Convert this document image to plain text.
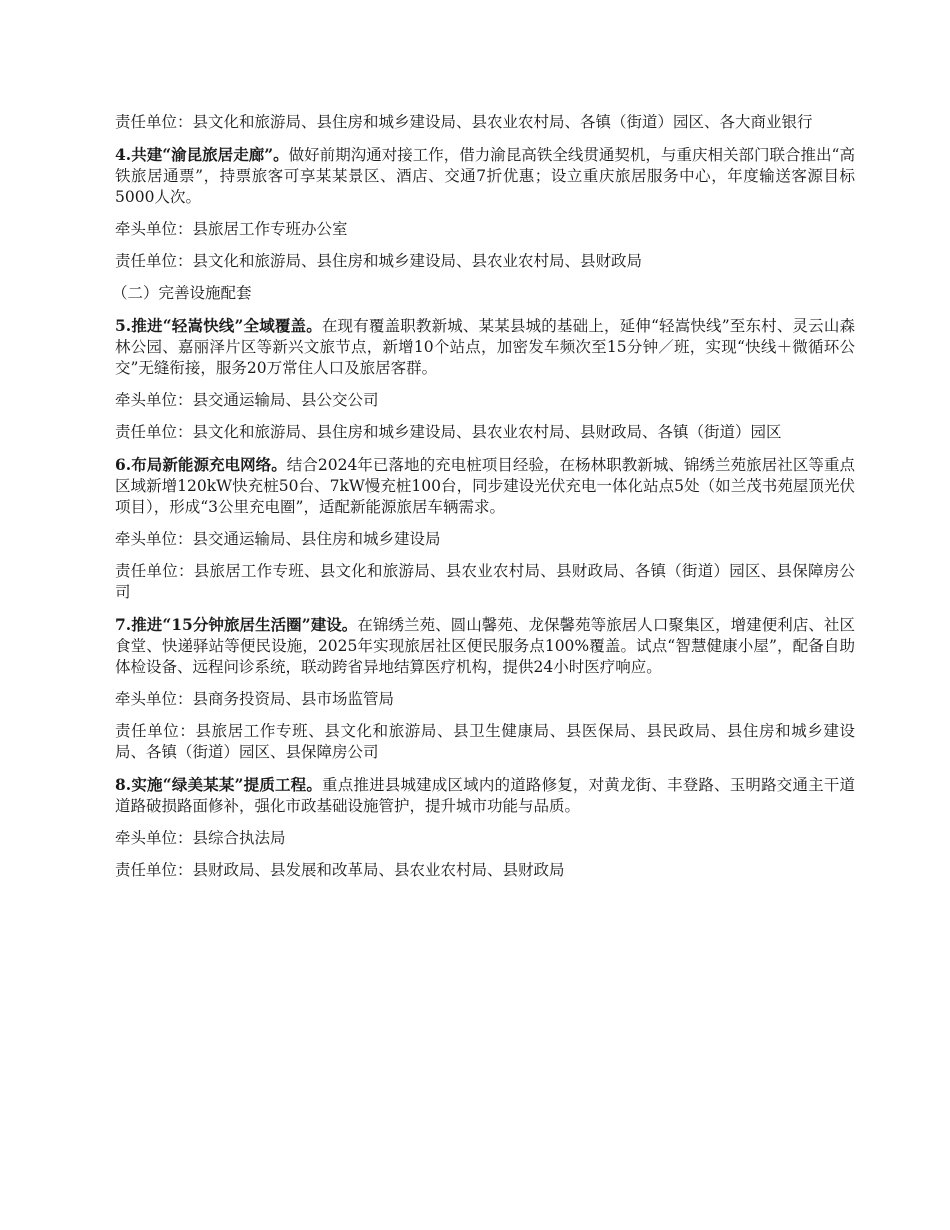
责任单位：县文化和旅游局、县住房和城乡建设局、县农业农村局、各镇（街道）园区、各大商业银行

4.共建“渝昆旅居走廊”。做好前期沟通对接工作，借力渝昆高铁全线贯通契机，与重庆相关部门联合推出“高铁旅居通票”，持票旅客可享某某景区、酒店、交通7折优惠；设立重庆旅居服务中心，年度输送客源目标5000人次。

牵头单位：县旅居工作专班办公室

责任单位：县文化和旅游局、县住房和城乡建设局、县农业农村局、县财政局

（二）完善设施配套

5.推进“轻嵩快线”全域覆盖。在现有覆盖职教新城、某某县城的基础上，延伸“轻嵩快线”至东村、灵云山森林公园、嘉丽泽片区等新兴文旅节点，新增10个站点，加密发车频次至15分钟／班，实现“快线＋微循环公交”无缝衔接，服务20万常住人口及旅居客群。

牵头单位：县交通运输局、县公交公司

责任单位：县文化和旅游局、县住房和城乡建设局、县农业农村局、县财政局、各镇（街道）园区

6.布局新能源充电网络。结合2024年已落地的充电桩项目经验，在杨林职教新城、锦绣兰苑旅居社区等重点区域新增120kW快充桩50台、7kW慢充桩100台，同步建设光伏充电一体化站点5处（如兰茂书苑屋顶光伏项目），形成“3公里充电圈”，适配新能源旅居车辆需求。

牵头单位：县交通运输局、县住房和城乡建设局

责任单位：县旅居工作专班、县文化和旅游局、县农业农村局、县财政局、各镇（街道）园区、县保障房公司

7.推进“15分钟旅居生活圈”建设。在锦绣兰苑、圆山馨苑、龙保馨苑等旅居人口聚集区，增建便利店、社区食堂、快递驿站等便民设施，2025年实现旅居社区便民服务点100%覆盖。试点“智慧健康小屋”，配备自助体检设备、远程问诊系统，联动跨省异地结算医疗机构，提供24小时医疗响应。

牵头单位：县商务投资局、县市场监管局

责任单位：县旅居工作专班、县文化和旅游局、县卫生健康局、县医保局、县民政局、县住房和城乡建设局、各镇（街道）园区、县保障房公司

8.实施“绿美某某”提质工程。重点推进县城建成区域内的道路修复，对黄龙街、丰登路、玉明路交通主干道道路破损路面修补，强化市政基础设施管护，提升城市功能与品质。

牵头单位：县综合执法局

责任单位：县财政局、县发展和改革局、县农业农村局、县财政局
